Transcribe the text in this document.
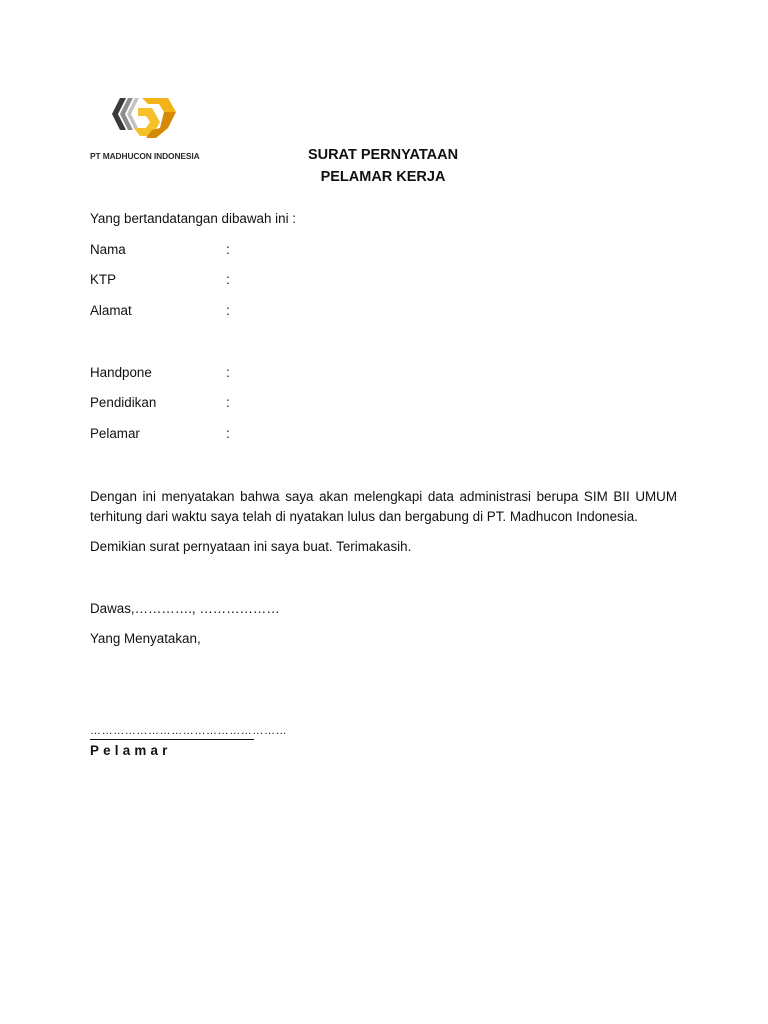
PT MADHUCON INDONESIA	SURAT PERNYATAAN
PELAMAR KERJA
Yang bertandatangan dibawah ini :
Nama	:
KTP	:
Alamat	:
Handpone	:
Pendidikan	:
Pelamar	:
Dengan ini menyatakan bahwa saya akan melengkapi data administrasi berupa SIM BII UMUM
terhitung dari waktu saya telah di nyatakan lulus dan bergabung di PT. Madhucon Indonesia.
Demikian surat pernyataan ini saya buat. Terimakasih.
Dawas,…………., ………………
Yang Menyatakan,
……………………………………………
Pelamar
